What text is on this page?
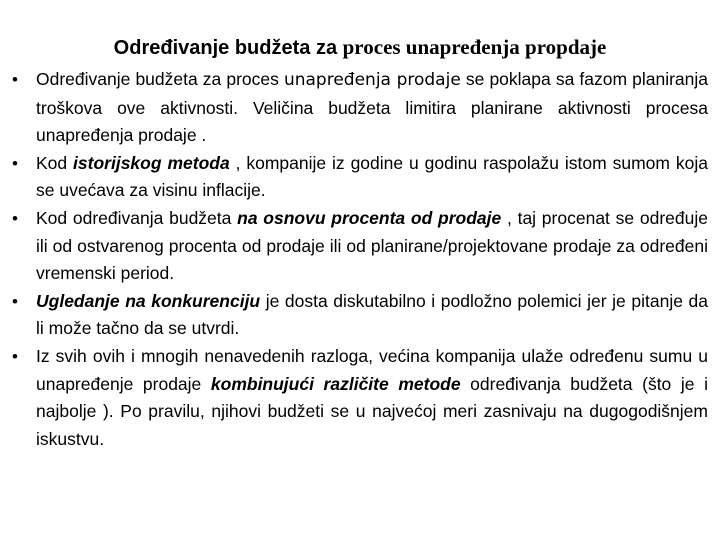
Određivanje budžeta za proces unapređenja propdaje
• Određivanje budžeta za proces unapređenja prodaje se poklapa sa fazom planiranja troškova ove aktivnosti. Veličina budžeta limitira planirane aktivnosti procesa unapređenja prodaje .
• Kod istorijskog metoda , kompanije iz godine u godinu raspolažu istom sumom koja se uvećava za visinu inflacije.
• Kod određivanja budžeta na osnovu procenta od prodaje , taj procenat se određuje ili od ostvarenog procenta od prodaje ili od planirane/projektovane prodaje za određeni vremenski period.
• Ugledanje na konkurenciju je dosta diskutabilno i podložno polemici jer je pitanje da li može tačno da se utvrdi.
• Iz svih ovih i mnogih nenavedenih razloga, većina kompanija ulaže određenu sumu u unapređenje prodaje kombinujući različite metode određivanja budžeta (što je i najbolje ). Po pravilu, njihovi budžeti se u najvećoj meri zasnivaju na dugogodišnjem iskustvu.
